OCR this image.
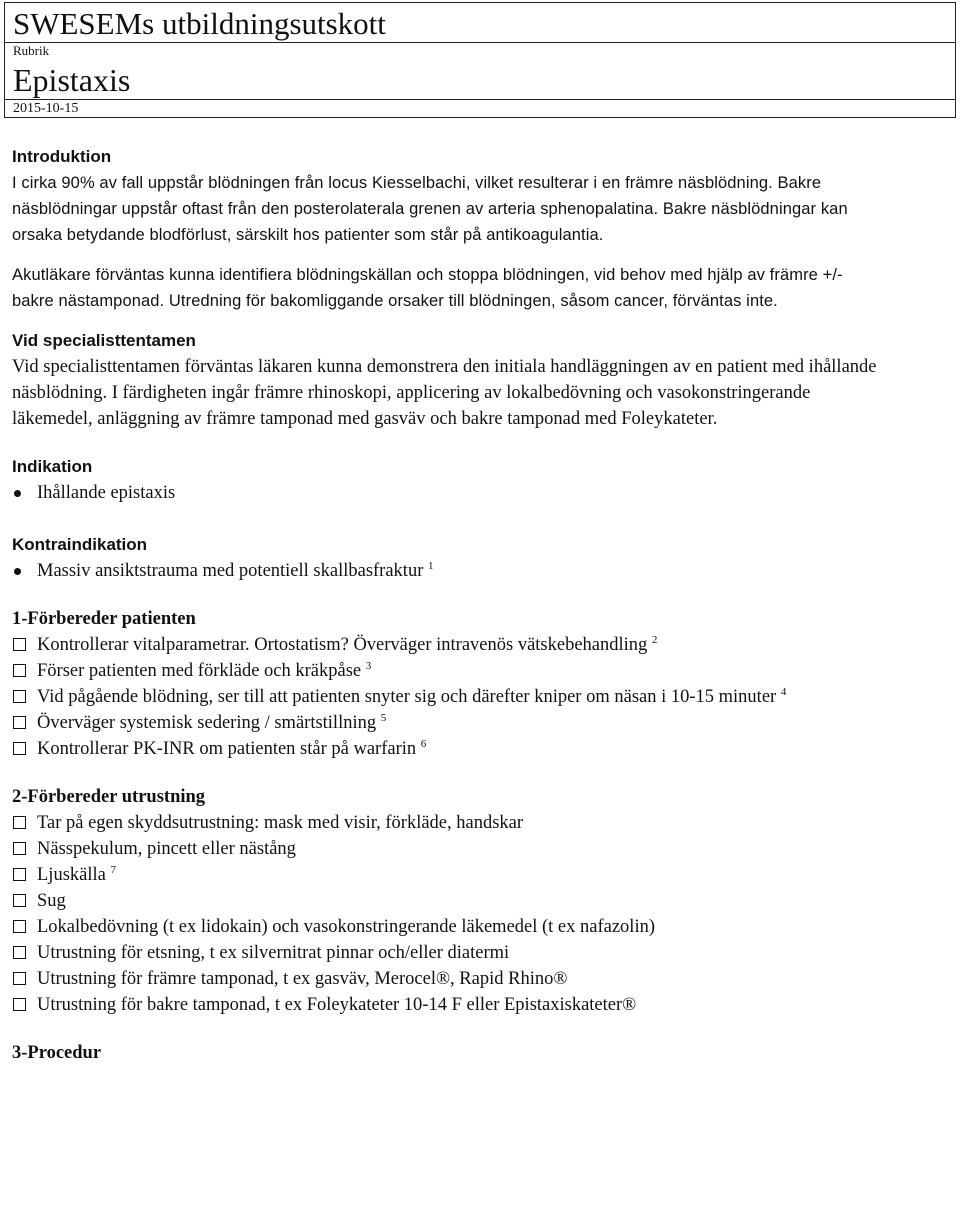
SWESEMs utbildningsutskott
Rubrik
Epistaxis
2015-10-15
Introduktion

I cirka 90% av fall uppstår blödningen från locus Kiesselbachi, vilket resulterar i en främre näsblödning. Bakre näsblödningar uppstår oftast från den posterolaterala grenen av arteria sphenopalatina. Bakre näsblödningar kan orsaka betydande blodförlust, särskilt hos patienter som står på antikoagulantia.

Akutläkare förväntas kunna identifiera blödningskällan och stoppa blödningen, vid behov med hjälp av främre +/- bakre nästamponad. Utredning för bakomliggande orsaker till blödningen, såsom cancer, förväntas inte.

Vid specialisttentamen

Vid specialisttentamen förväntas läkaren kunna demonstrera den initiala handläggningen av en patient med ihållande näsblödning. I färdigheten ingår främre rhinoskopi, applicering av lokalbedövning och vasokonstringerande läkemedel, anläggning av främre tamponad med gasväv och bakre tamponad med Foleykateter.

Indikation
Ihållande epistaxis
Kontraindikation
Massiv ansiktstrauma med potentiell skallbasfraktur $^1$
1-Förbereder patienten
Kontrollerar vitalparametrar. Ortostatism? Överväger intravenös vätskebehandling $^2$
Förser patienten med förkläde och kräkpåse $^3$
Vid pågående blödning, ser till att patienten snyter sig och därefter kniper om näsan i 10-15 minuter $^4$
Överväger systemisk sedering / smärtstillning $^5$
Kontrollerar PK-INR om patienten står på warfarin $^6$
2-Förbereder utrustning
Tar på egen skyddsutrustning: mask med visir, förkläde, handskar
Nässpekulum, pincett eller nästång
Ljuskälla $^7$
Sug
Lokalbedövning (t ex lidokain) och vasokonstringerande läkemedel (t ex nafazolin)
Utrustning för etsning, t ex silvernitrat pinnar och/eller diatermi
Utrustning för främre tamponad, t ex gasväv, Merocel®, Rapid Rhino®
Utrustning för bakre tamponad, t ex Foleykateter 10-14 F eller Epistaxiskateter®
3-Procedur
